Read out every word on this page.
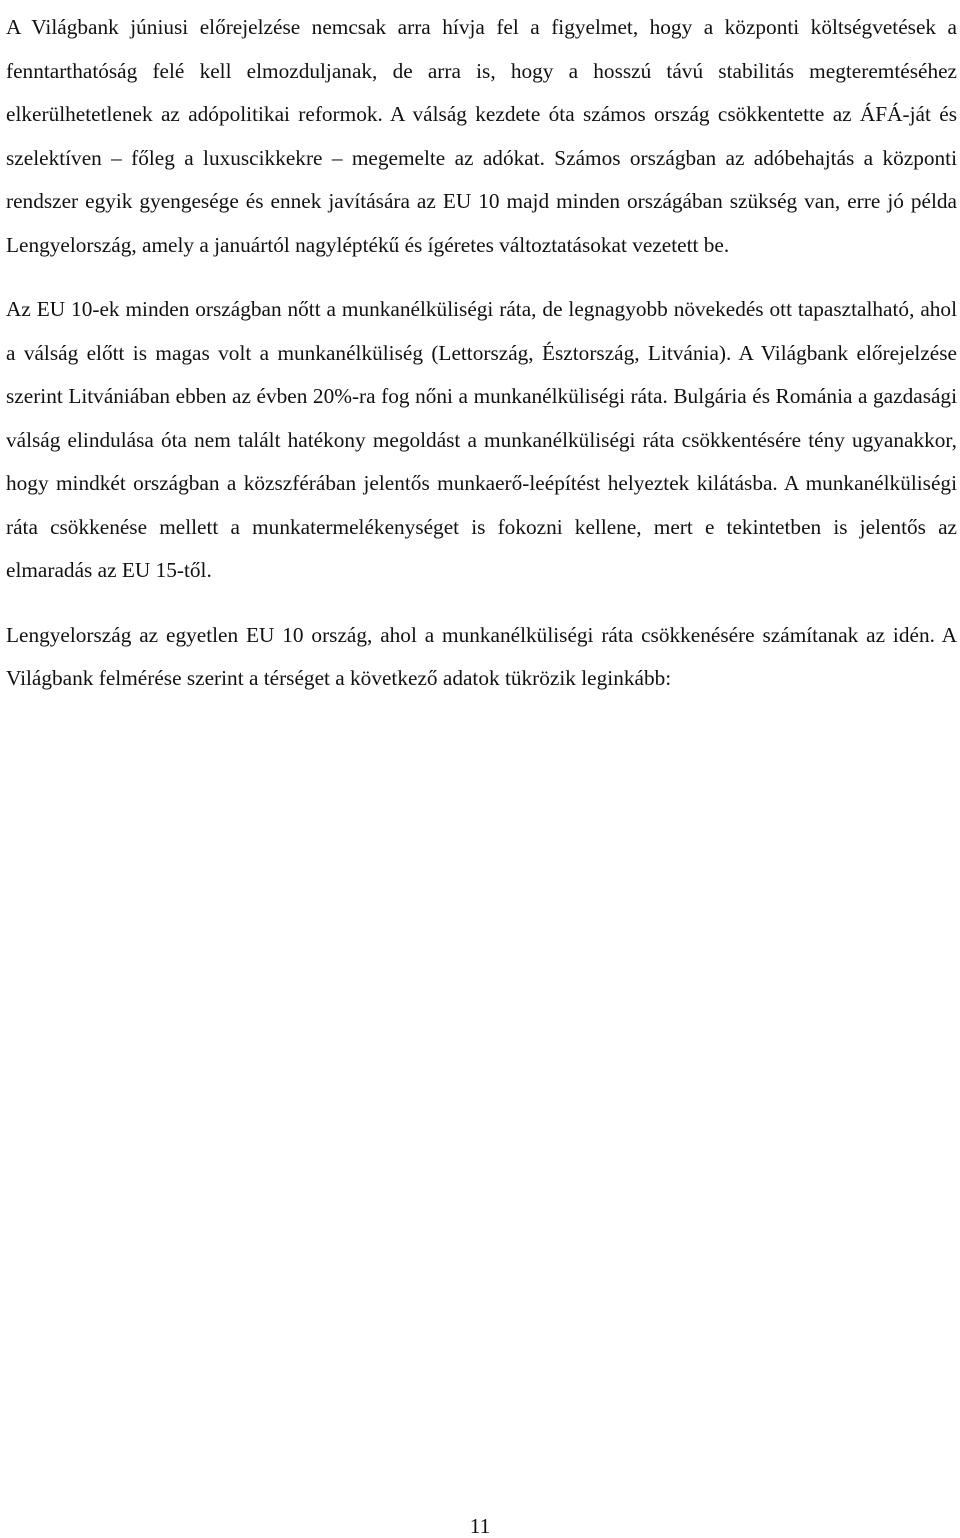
A Világbank júniusi előrejelzése nemcsak arra hívja fel a figyelmet, hogy a központi költségvetések a fenntarthatóság felé kell elmozduljanak, de arra is, hogy a hosszú távú stabilitás megteremtéséhez elkerülhetetlenek az adópolitikai reformok. A válság kezdete óta számos ország csökkentette az ÁFÁ-ját és szelektíven – főleg a luxuscikkekre – megemelte az adókat. Számos országban az adóbehajtás a központi rendszer egyik gyengesége és ennek javítására az EU 10 majd minden országában szükség van, erre jó példa Lengyelország, amely a januártól nagyléptékű és ígéretes változtatásokat vezetett be.

Az EU 10-ek minden országban nőtt a munkanélküliségi ráta, de legnagyobb növekedés ott tapasztalható, ahol a válság előtt is magas volt a munkanélküliség (Lettország, Észtország, Litvánia). A Világbank előrejelzése szerint Litvániában ebben az évben 20%-ra fog nőni a munkanélküliségi ráta. Bulgária és Románia a gazdasági válság elindulása óta nem talált hatékony megoldást a munkanélküliségi ráta csökkentésére tény ugyanakkor, hogy mindkét országban a közszférában jelentős munkaerő-leépítést helyeztek kilátásba. A munkanélküliségi ráta csökkenése mellett a munkatermelékenységet is fokozni kellene, mert e tekintetben is jelentős az elmaradás az EU 15-től.

Lengyelország az egyetlen EU 10 ország, ahol a munkanélküliségi ráta csökkenésére számítanak az idén. A Világbank felmérése szerint a térséget a következő adatok tükrözik leginkább:

11
